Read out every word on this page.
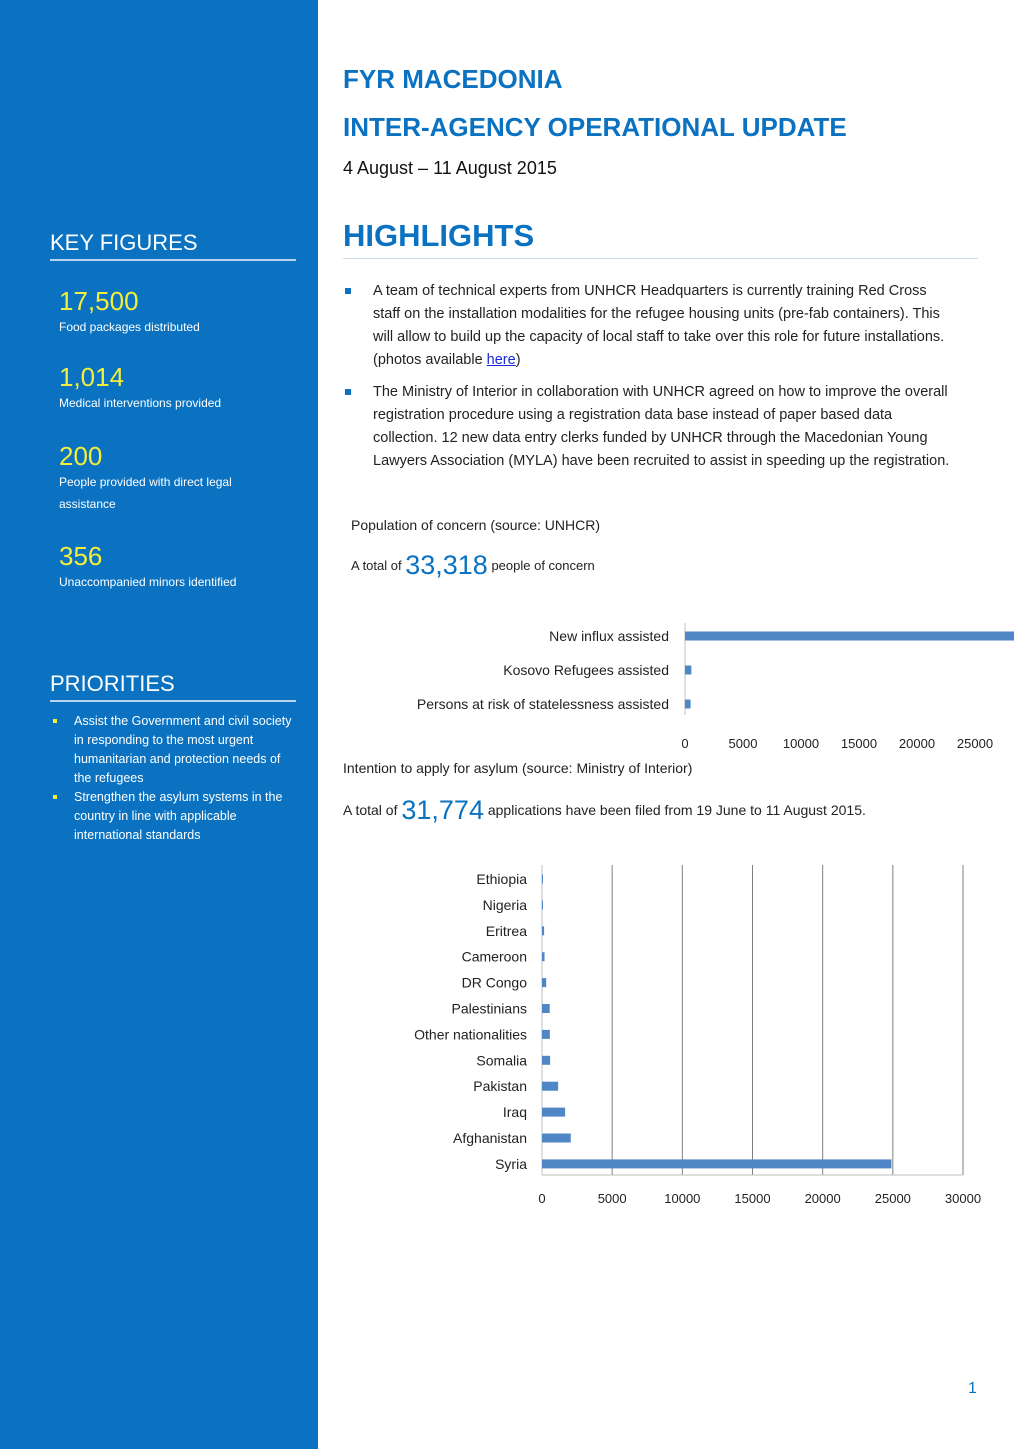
KEY FIGURES
17,500
Food packages distributed
1,014
Medical interventions provided
200
People provided with direct legal assistance
356
Unaccompanied minors identified
PRIORITIES
Assist the Government and civil society in responding to the most urgent humanitarian and protection needs of the refugees
Strengthen the asylum systems in the country in line with applicable international standards
FYR MACEDONIA
INTER-AGENCY OPERATIONAL UPDATE
4 August – 11 August 2015
HIGHLIGHTS
A team of technical experts from UNHCR Headquarters is currently training Red Cross staff on the installation modalities for the refugee housing units (pre-fab containers). This will allow to build up the capacity of local staff to take over this role for future installations. (photos available here)
The Ministry of Interior in collaboration with UNHCR agreed on how to improve the overall registration procedure using a registration data base instead of paper based data collection. 12 new data entry clerks funded by UNHCR through the Macedonian Young Lawyers Association (MYLA) have been recruited to assist in speeding up the registration.
Population of concern (source: UNHCR)
A total of 33,318 people of concern
New influx assisted
Kosovo Refugees assisted
Persons at risk of statelessness assisted
0	5000 10000 15000 20000 25000
Intention to apply for asylum (source: Ministry of Interior)
A total of 31,774 applications have been filed from 19 June to 11 August 2015.
Ethiopia
Nigeria
Eritrea
Cameroon
DR Congo
Palestinians
Other nationalities
Somalia
Pakistan
Iraq
Afghanistan
Syria
0	5000	10000	15000	20000	25000	30000
1
